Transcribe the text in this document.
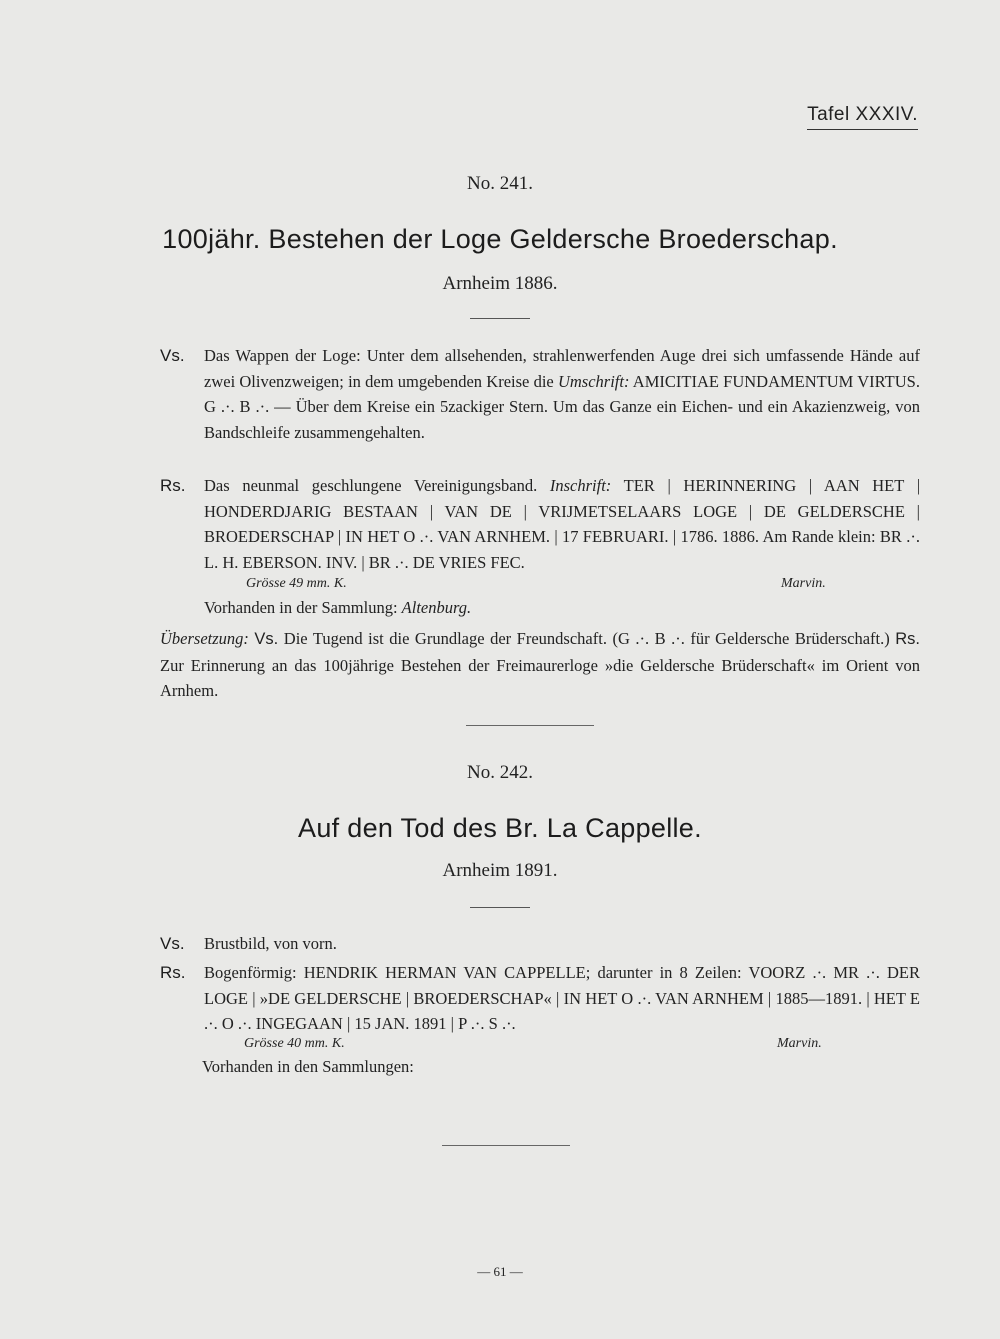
Tafel XXXIV.
No. 241.
100jähr. Bestehen der Loge Geldersche Broederschap.
Arnheim 1886.
Vs.	Das Wappen der Loge: Unter dem allsehenden, strahlenwerfenden Auge drei sich umfassende Hände auf zwei Olivenzweigen; in dem umgebenden Kreise die Umschrift: AMICITIAE FUNDAMENTUM VIRTUS. G .·. B .·. — Über dem Kreise ein 5zackiger Stern. Um das Ganze ein Eichen- und ein Akazienzweig, von Bandschleife zusammengehalten.
Rs.	Das neunmal geschlungene Vereinigungsband. Inschrift: TER | HERINNERING | AAN HET | HONDERDJARIG BESTAAN | VAN DE | VRIJMETSELAARS LOGE | DE GELDERSCHE | BROEDERSCHAP | IN HET O .·. VAN ARNHEM. | 17 FEBRUARI. | 1786. 1886. Am Rande klein: BR .·. L. H. EBERSON. INV. | BR .·. DE VRIES FEC.
Grösse 49 mm. K.	Marvin.
Vorhanden in der Sammlung: Altenburg.
Übersetzung: Vs. Die Tugend ist die Grundlage der Freundschaft. (G .·. B .·. für Geldersche Brüderschaft.) Rs. Zur Erinnerung an das 100jährige Bestehen der Freimaurerloge »die Geldersche Brüderschaft« im Orient von Arnhem.
No. 242.
Auf den Tod des Br. La Cappelle.
Arnheim 1891.
Vs.	Brustbild, von vorn.
Rs.	Bogenförmig: HENDRIK HERMAN VAN CAPPELLE; darunter in 8 Zeilen: VOORZ .·. MR .·. DER LOGE | »DE GELDERSCHE | BROEDERSCHAP« | IN HET O .·. VAN ARNHEM | 1885—1891. | HET E .·. O .·. INGEGAAN | 15 JAN. 1891 | P .·. S .·.
Grösse 40 mm. K.	Marvin.
Vorhanden in den Sammlungen:
— 61 —
